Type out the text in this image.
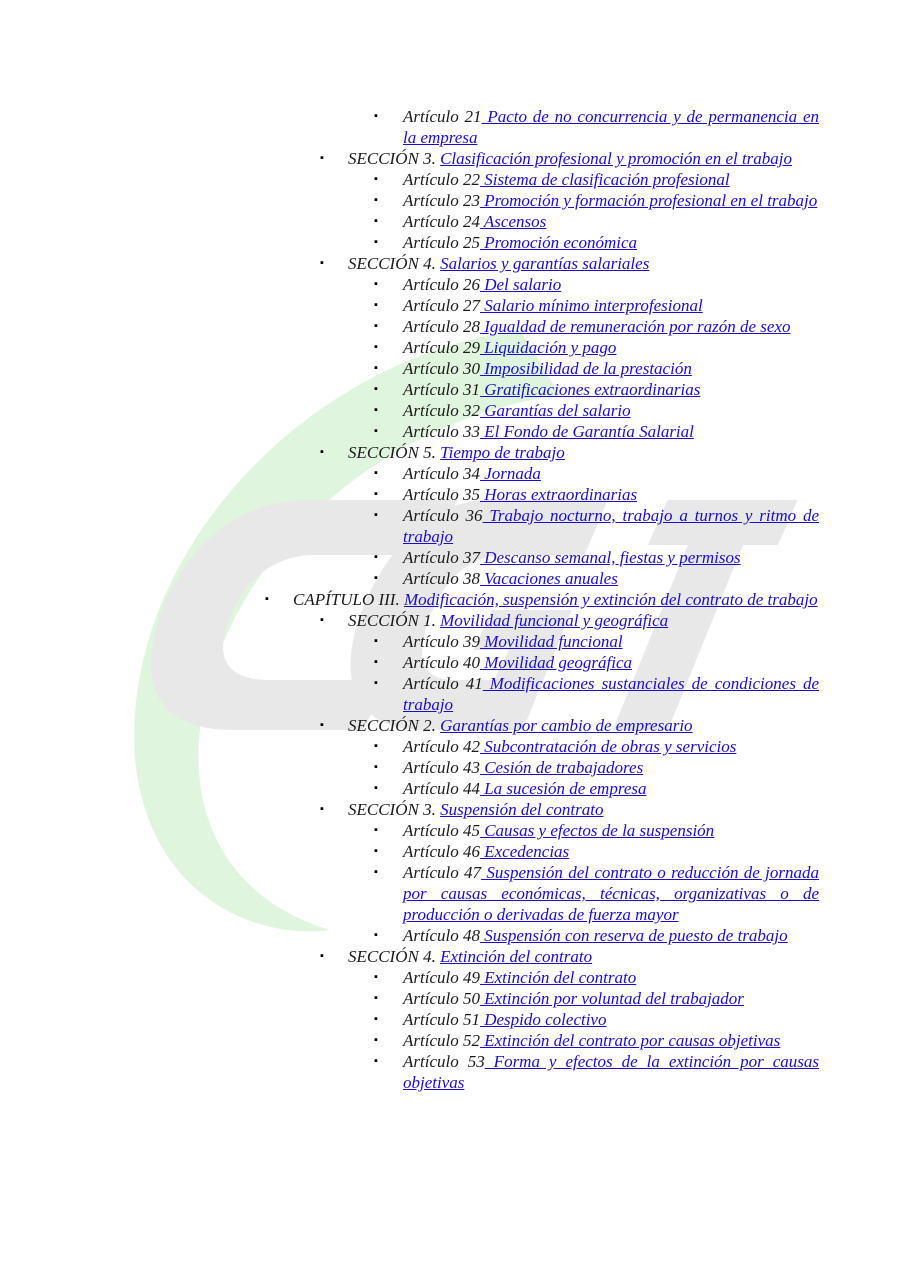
▪ Artículo 21 Pacto de no concurrencia y de permanencia en la empresa
▪ SECCIÓN 3. Clasificación profesional y promoción en el trabajo
▪ Artículo 22 Sistema de clasificación profesional
▪ Artículo 23 Promoción y formación profesional en el trabajo
▪ Artículo 24 Ascensos
▪ Artículo 25 Promoción económica
▪ SECCIÓN 4. Salarios y garantías salariales
▪ Artículo 26 Del salario
▪ Artículo 27 Salario mínimo interprofesional
▪ Artículo 28 Igualdad de remuneración por razón de sexo
▪ Artículo 29 Liquidación y pago
▪ Artículo 30 Imposibilidad de la prestación
▪ Artículo 31 Gratificaciones extraordinarias
▪ Artículo 32 Garantías del salario
▪ Artículo 33 El Fondo de Garantía Salarial
▪ SECCIÓN 5. Tiempo de trabajo
▪ Artículo 34 Jornada
▪ Artículo 35 Horas extraordinarias
▪ Artículo 36 Trabajo nocturno, trabajo a turnos y ritmo de trabajo
▪ Artículo 37 Descanso semanal, fiestas y permisos
▪ Artículo 38 Vacaciones anuales
▪ CAPÍTULO III. Modificación, suspensión y extinción del contrato de trabajo
▪ SECCIÓN 1. Movilidad funcional y geográfica
▪ Artículo 39 Movilidad funcional
▪ Artículo 40 Movilidad geográfica
▪ Artículo 41 Modificaciones sustanciales de condiciones de trabajo
▪ SECCIÓN 2. Garantías por cambio de empresario
▪ Artículo 42 Subcontratación de obras y servicios
▪ Artículo 43 Cesión de trabajadores
▪ Artículo 44 La sucesión de empresa
▪ SECCIÓN 3. Suspensión del contrato
▪ Artículo 45 Causas y efectos de la suspensión
▪ Artículo 46 Excedencias
▪ Artículo 47 Suspensión del contrato o reducción de jornada por causas económicas, técnicas, organizativas o de producción o derivadas de fuerza mayor
▪ Artículo 48 Suspensión con reserva de puesto de trabajo
▪ SECCIÓN 4. Extinción del contrato
▪ Artículo 49 Extinción del contrato
▪ Artículo 50 Extinción por voluntad del trabajador
▪ Artículo 51 Despido colectivo
▪ Artículo 52 Extinción del contrato por causas objetivas
▪ Artículo 53 Forma y efectos de la extinción por causas objetivas
